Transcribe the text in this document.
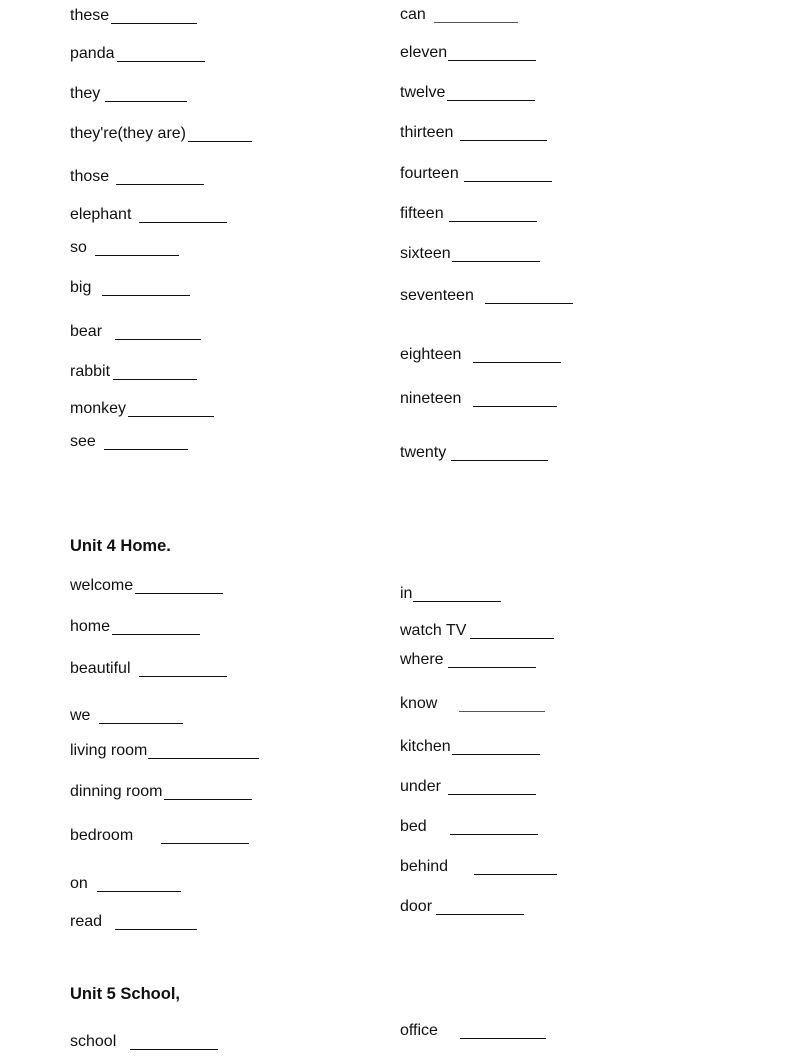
these
panda
they
they're(they are)
those
elephant
so
big
bear
rabbit
monkey
see
can
eleven
twelve
thirteen
fourteen
fifteen
sixteen
seventeen
eighteen
nineteen
twenty
Unit 4 Home.
welcome
home
beautiful
we
living room
dinning room
bedroom
on
read
in
watch TV
where
know
kitchen
under
bed
behind
door
Unit 5 School,
school
office
